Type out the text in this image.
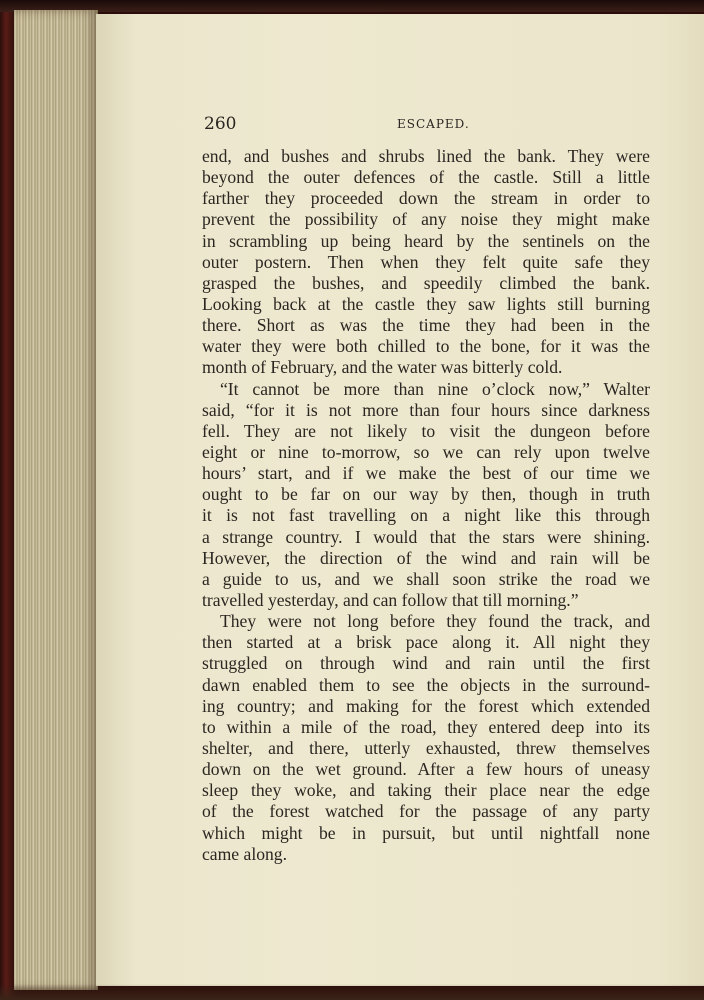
260	ESCAPED.
end, and bushes and shrubs lined the bank. They were
beyond the outer defences of the castle. Still a little
farther they proceeded down the stream in order to
prevent the possibility of any noise they might make
in scrambling up being heard by the sentinels on the
outer postern. Then when they felt quite safe they
grasped the bushes, and speedily climbed the bank.
Looking back at the castle they saw lights still burning
there. Short as was the time they had been in the
water they were both chilled to the bone, for it was the
month of February, and the water was bitterly cold.
“It cannot be more than nine o’clock now,” Walter
said, “for it is not more than four hours since darkness
fell. They are not likely to visit the dungeon before
eight or nine to-morrow, so we can rely upon twelve
hours’ start, and if we make the best of our time we
ought to be far on our way by then, though in truth
it is not fast travelling on a night like this through
a strange country. I would that the stars were shining.
However, the direction of the wind and rain will be
a guide to us, and we shall soon strike the road we
travelled yesterday, and can follow that till morning.”
They were not long before they found the track, and
then started at a brisk pace along it. All night they
struggled on through wind and rain until the first
dawn enabled them to see the objects in the surround-
ing country; and making for the forest which extended
to within a mile of the road, they entered deep into its
shelter, and there, utterly exhausted, threw themselves
down on the wet ground. After a few hours of uneasy
sleep they woke, and taking their place near the edge
of the forest watched for the passage of any party
which might be in pursuit, but until nightfall none
came along.
